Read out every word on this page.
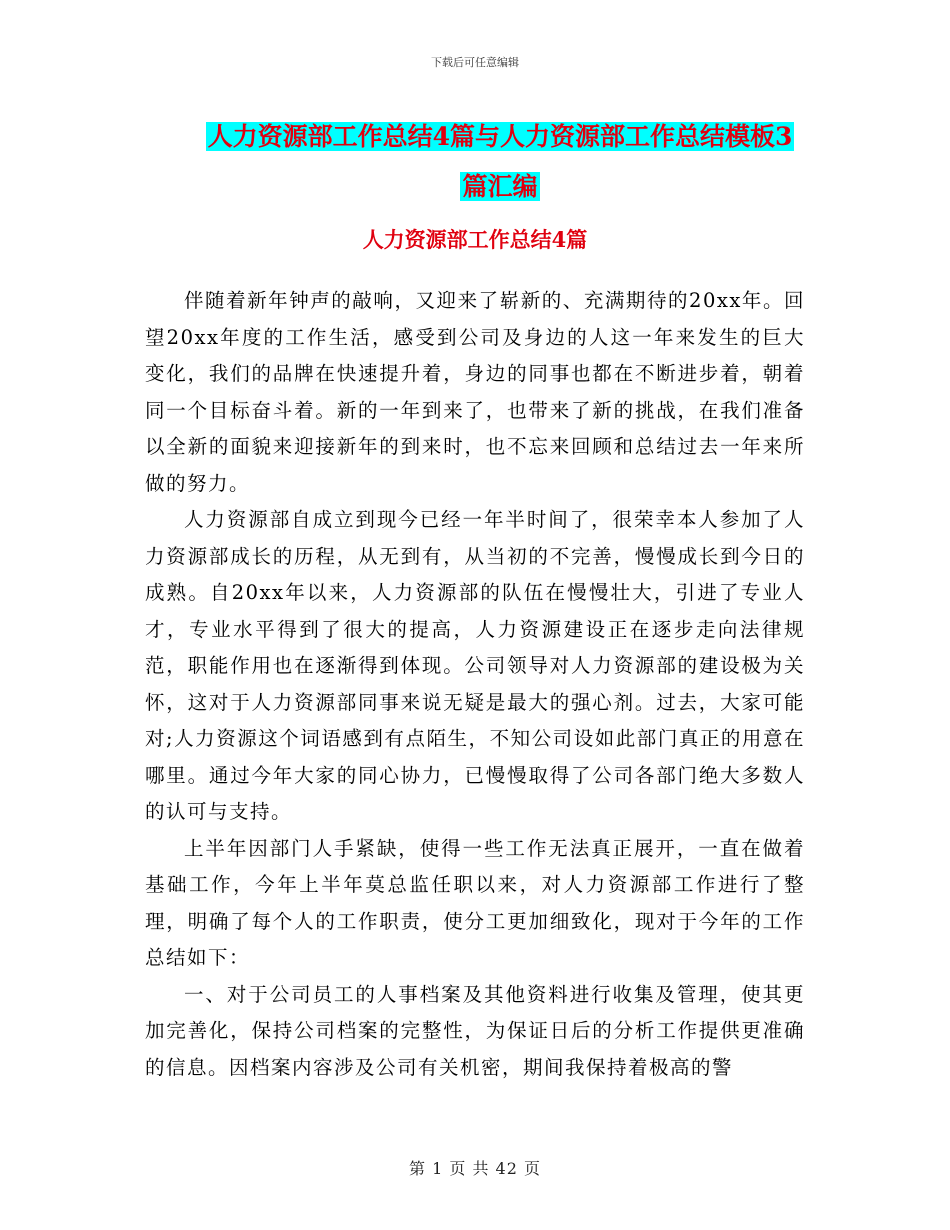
下载后可任意编辑
人力资源部工作总结4篇与人力资源部工作总结模板3
篇汇编
人力资源部工作总结4篇

伴随着新年钟声的敲响，又迎来了崭新的、充满期待的20xx年。回望20xx年度的工作生活，感受到公司及身边的人这一年来发生的巨大变化，我们的品牌在快速提升着，身边的同事也都在不断进步着，朝着同一个目标奋斗着。新的一年到来了，也带来了新的挑战，在我们准备以全新的面貌来迎接新年的到来时，也不忘来回顾和总结过去一年来所做的努力。

人力资源部自成立到现今已经一年半时间了，很荣幸本人参加了人力资源部成长的历程，从无到有，从当初的不完善，慢慢成长到今日的成熟。自20xx年以来，人力资源部的队伍在慢慢壮大，引进了专业人才，专业水平得到了很大的提高，人力资源建设正在逐步走向法律规范，职能作用也在逐渐得到体现。公司领导对人力资源部的建设极为关怀，这对于人力资源部同事来说无疑是最大的强心剂。过去，大家可能对;人力资源这个词语感到有点陌生，不知公司设如此部门真正的用意在哪里。通过今年大家的同心协力，已慢慢取得了公司各部门绝大多数人的认可与支持。

上半年因部门人手紧缺，使得一些工作无法真正展开，一直在做着基础工作，今年上半年莫总监任职以来，对人力资源部工作进行了整理，明确了每个人的工作职责，使分工更加细致化，现对于今年的工作总结如下：

一、对于公司员工的人事档案及其他资料进行收集及管理，使其更加完善化，保持公司档案的完整性，为保证日后的分析工作提供更准确的信息。因档案内容涉及公司有关机密，期间我保持着极高的警

第 1 页 共 42 页
